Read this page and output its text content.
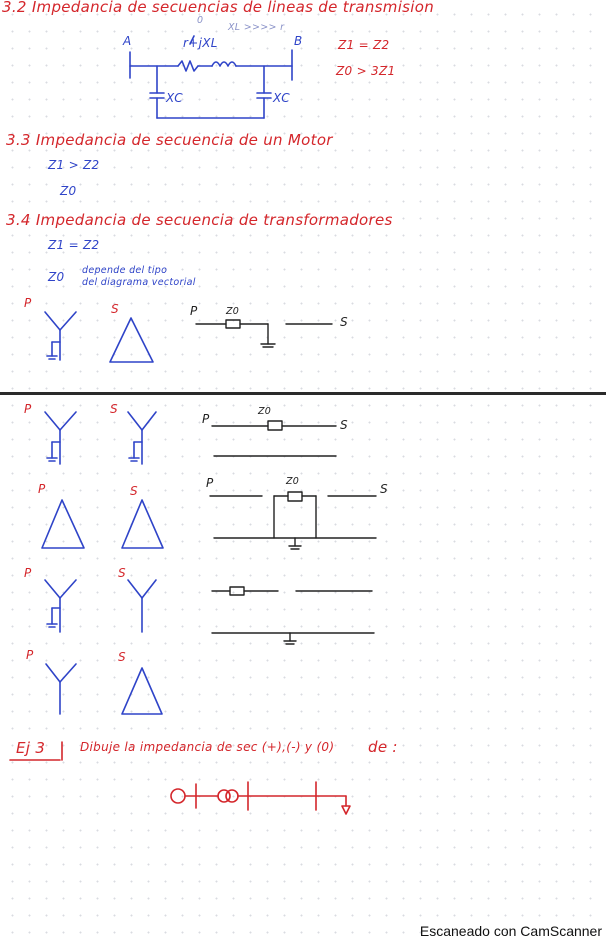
3.2 Impedancia de secuencias de lineas de transmision
A	B
r+jXL
0
XL >>>> r
XC	XC
Z1 = Z2
Z0 > 3Z1
3.3 Impedancia de secuencia de un Motor
Z1 > Z2
Z0
3.4 Impedancia de secuencia de transformadores
Z1 = Z2
Z0 depende del tipo
del diagrama vectorial
P	S	P	Z0
S
P	S
P
Z0
S
P	S
P	Z0
S
P	S
P	S
Ej 3	Dibuje la impedancia de sec (+),(-) y (0) de :
Escaneado con CamScanner
